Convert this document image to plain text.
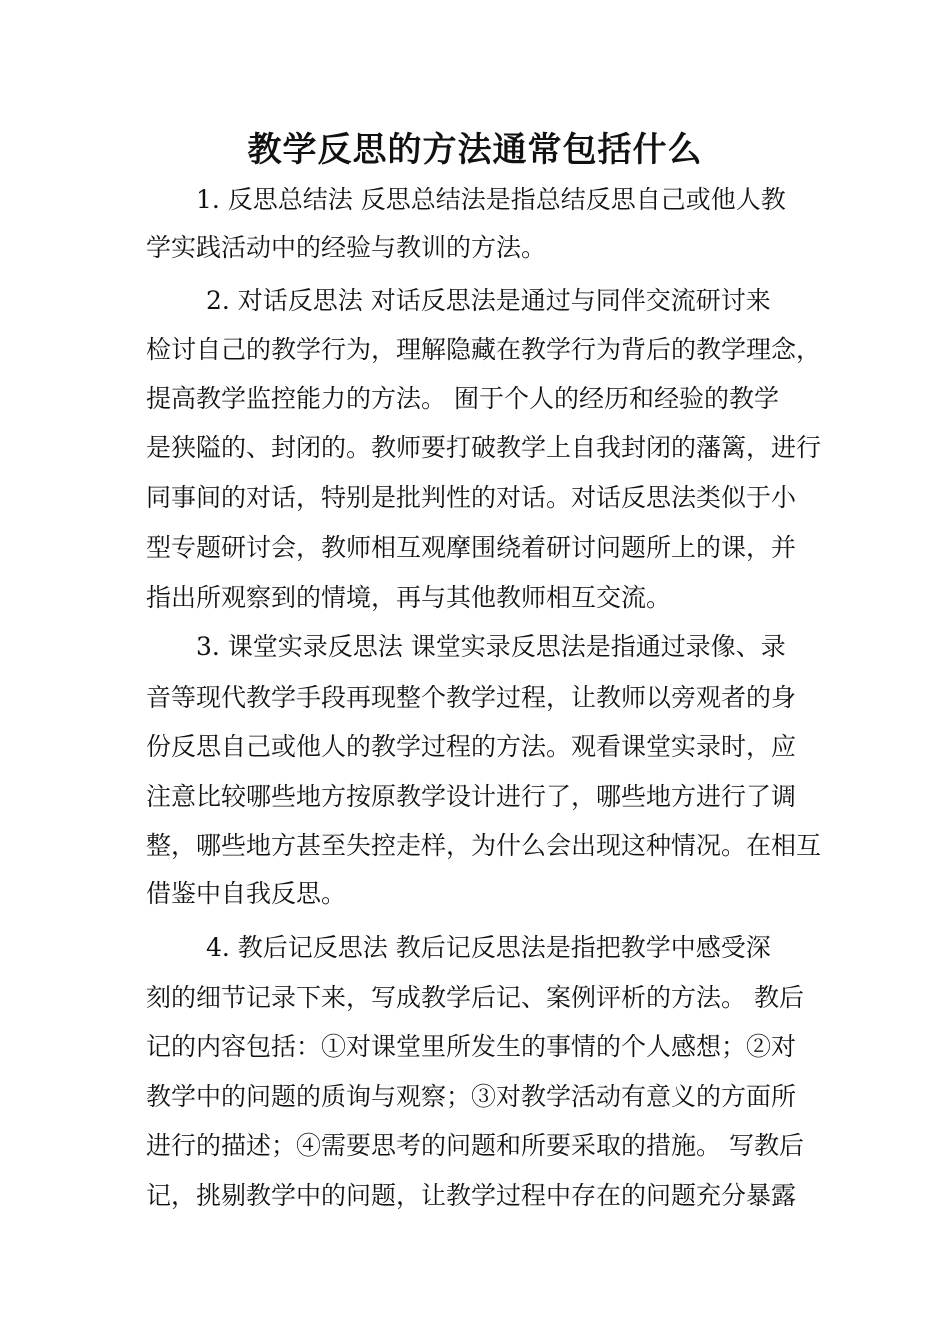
教学反思的方法通常包括什么
1. 反思总结法 反思总结法是指总结反思自己或他人教
学实践活动中的经验与教训的方法。
2. 对话反思法 对话反思法是通过与同伴交流研讨来
检讨自己的教学行为，理解隐藏在教学行为背后的教学理念，
提高教学监控能力的方法。 囿于个人的经历和经验的教学
是狭隘的、封闭的。教师要打破教学上自我封闭的藩篱，进行
同事间的对话，特别是批判性的对话。对话反思法类似于小
型专题研讨会，教师相互观摩围绕着研讨问题所上的课，并
指出所观察到的情境，再与其他教师相互交流。
3. 课堂实录反思法 课堂实录反思法是指通过录像、录
音等现代教学手段再现整个教学过程，让教师以旁观者的身
份反思自己或他人的教学过程的方法。观看课堂实录时，应
注意比较哪些地方按原教学设计进行了，哪些地方进行了调
整，哪些地方甚至失控走样，为什么会出现这种情况。在相互
借鉴中自我反思。
4. 教后记反思法 教后记反思法是指把教学中感受深
刻的细节记录下来，写成教学后记、案例评析的方法。 教后
记的内容包括：①对课堂里所发生的事情的个人感想；②对
教学中的问题的质询与观察；③对教学活动有意义的方面所
进行的描述；④需要思考的问题和所要采取的措施。 写教后
记，挑剔教学中的问题，让教学过程中存在的问题充分暴露
